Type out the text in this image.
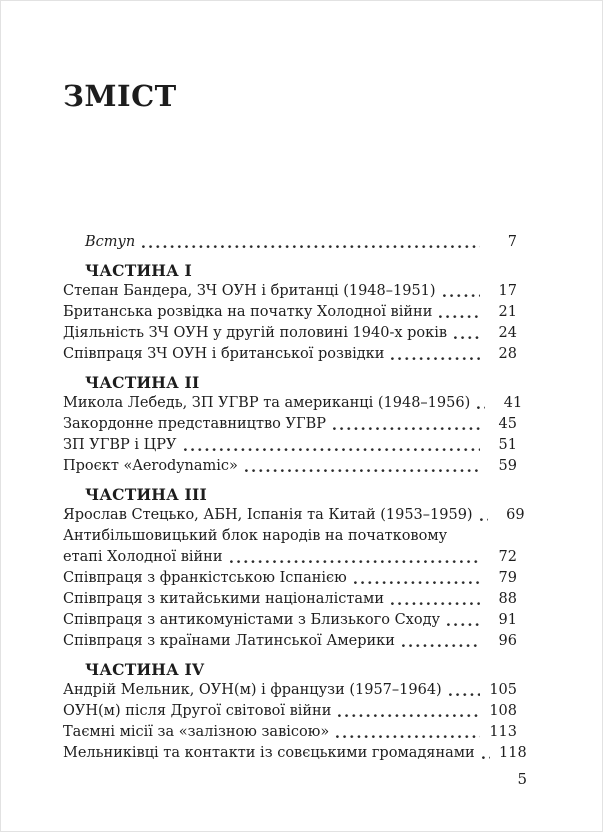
ЗМІСТ
Вступ	7
ЧАСТИНА I
Степан Бандера, ЗЧ ОУН і британці (1948–1951)	17
Британська розвідка на початку Холодної війни	21
Діяльність ЗЧ ОУН у другій половині 1940-х років	24
Співпраця ЗЧ ОУН і британської розвідки	28
ЧАСТИНА II
Микола Лебедь, ЗП УГВР та американці (1948–1956)	41
Закордонне представництво УГВР	45
ЗП УГВР і ЦРУ	51
Проєкт «Aerodynamic»	59
ЧАСТИНА III
Ярослав Стецько, АБН, Іспанія та Китай (1953–1959)	69
Антибільшовицький блок народів на початковому
етапі Холодної війни	72
Співпраця з франкістською Іспанією	79
Співпраця з китайськими націоналістами	88
Співпраця з антикомуністами з Близького Сходу	91
Співпраця з країнами Латинської Америки	96
ЧАСТИНА IV
Андрій Мельник, ОУН(м) і французи (1957–1964)	105
ОУН(м) після Другої світової війни	108
Таємні місії за «залізною завісою»	113
Мельниківці та контакти із совєцькими громадянами	118
5
